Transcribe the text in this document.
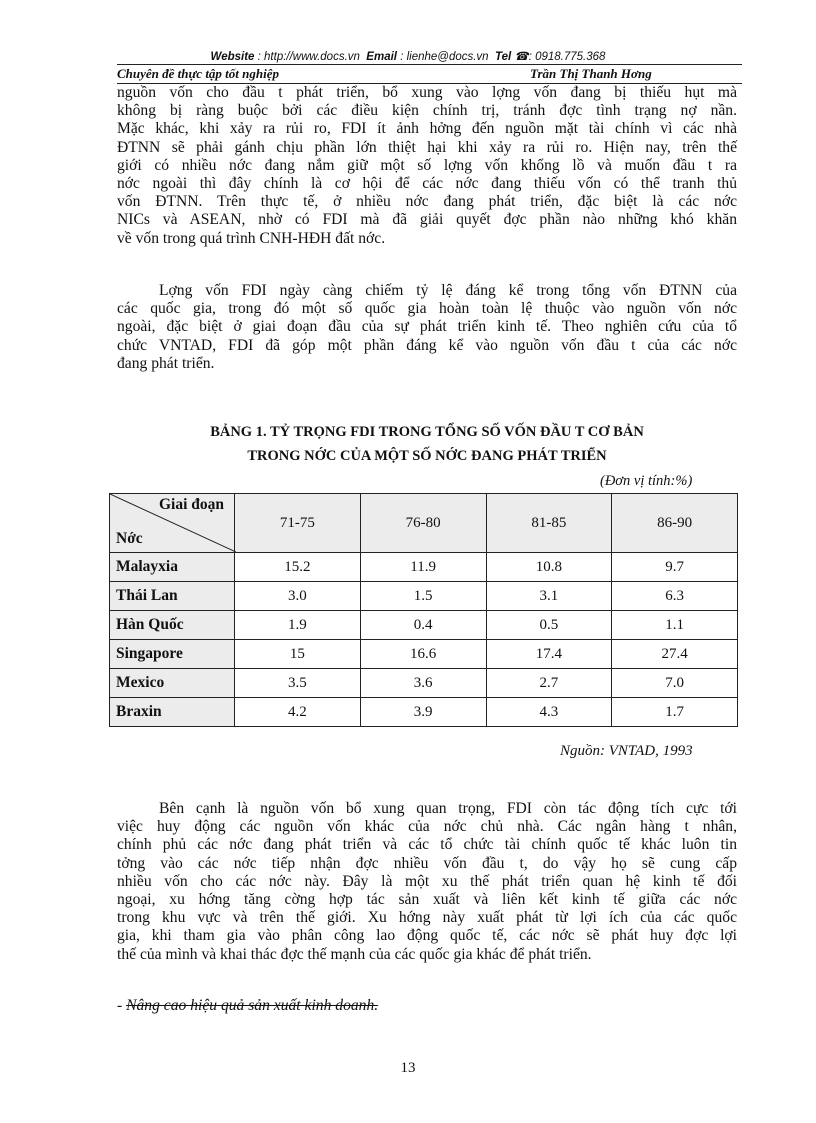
Website : http://www.docs.vn Email : lienhe@docs.vn Tel ☎: 0918.775.368
Chuyên đề thực tập tốt nghiệp	Trần Thị Thanh Hơng

nguồn vốn cho đầu t phát triển, bổ xung vào lợng vốn đang bị thiếu hụt mà

không bị ràng buộc bởi các điều kiện chính trị, tránh đợc tình trạng nợ nần.

Mặc khác, khi xảy ra rủi ro, FDI ít ảnh hởng đến nguồn mặt tài chính vì các nhà

ĐTNN sẽ phải gánh chịu phần lớn thiệt hại khi xảy ra rủi ro. Hiện nay, trên thế

giới có nhiều nớc đang nắm giữ một số lợng vốn khổng lồ và muốn đầu t ra

nớc ngoài thì đây chính là cơ hội để các nớc đang thiếu vốn có thể tranh thủ

vốn ĐTNN. Trên thực tế, ở nhiều nớc đang phát triển, đặc biệt là các nớc

NICs và ASEAN, nhờ có FDI mà đã giải quyết đợc phần nào những khó khăn

về vốn trong quá trình CNH-HĐH đất nớc.

Lợng vốn FDI ngày càng chiếm tỷ lệ đáng kể trong tổng vốn ĐTNN của

các quốc gia, trong đó một số quốc gia hoàn toàn lệ thuộc vào nguồn vốn nớc

ngoài, đặc biệt ở giai đoạn đầu của sự phát triển kinh tế. Theo nghiên cứu của tổ

chức VNTAD, FDI đã góp một phần đáng kể vào nguồn vốn đầu t của các nớc

đang phát triển.

BẢNG 1. TỶ TRỌNG FDI TRONG TỔNG SỐ VỐN ĐẦU T CƠ BẢN
TRONG NỚC CỦA MỘT SỐ NỚC ĐANG PHÁT TRIỂN
(Đơn vị tính:%)
Giai đoạn
Nớc	71-75	76-80	81-85	86-90
Malayxia	15.2	11.9	10.8	9.7
Thái Lan	3.0	1.5	3.1	6.3
Hàn Quốc	1.9	0.4	0.5	1.1
Singapore	15	16.6	17.4	27.4
Mexico	3.5	3.6	2.7	7.0
Braxin	4.2	3.9	4.3	1.7
Nguồn: VNTAD, 1993

Bên cạnh là nguồn vốn bổ xung quan trọng, FDI còn tác động tích cực tới

việc huy động các nguồn vốn khác của nớc chủ nhà. Các ngân hàng t nhân,

chính phủ các nớc đang phát triển và các tổ chức tài chính quốc tế khác luôn tin

tởng vào các nớc tiếp nhận đợc nhiều vốn đầu t, do vậy họ sẽ cung cấp

nhiều vốn cho các nớc này. Đây là một xu thế phát triển quan hệ kinh tế đối

ngoại, xu hớng tăng cờng hợp tác sản xuất và liên kết kinh tế giữa các nớc

trong khu vực và trên thế giới. Xu hớng này xuất phát từ lợi ích của các quốc

gia, khi tham gia vào phân công lao động quốc tế, các nớc sẽ phát huy đợc lợi

thế của mình và khai thác đợc thế mạnh của các quốc gia khác để phát triển.

- Nâng cao hiệu quả sản xuất kinh doanh.
13
